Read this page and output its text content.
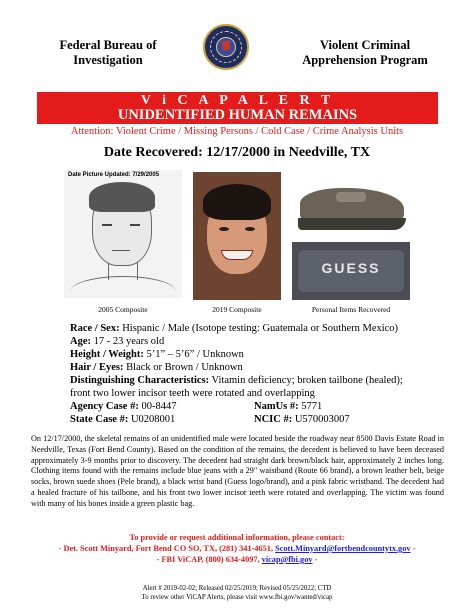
Federal Bureau of
Investigation
Violent Criminal
Apprehension Program
V i C A P A L E R T
UNIDENTIFIED HUMAN REMAINS
Attention: Violent Crime / Missing Persons / Cold Case / Crime Analysis Units
Date Recovered: 12/17/2000 in Needville, TX
Date Picture Updated: 7/29/2005
GUESS
2005 Composite	2019 Composite	Personal Items Recovered
Race / Sex: Hispanic / Male (Isotope testing: Guatemala or Southern Mexico)
Age: 17 - 23 years old
Height / Weight: 5’1” – 5’6” / Unknown
Hair / Eyes: Black or Brown / Unknown
Distinguishing Characteristics: Vitamin deficiency; broken tailbone (healed); front two lower incisor teeth were rotated and overlapping
Agency Case #: 00-8447	NamUs #: 5771
State Case #: U0208001	NCIC #: U570003007
On 12/17/2000, the skeletal remains of an unidentified male were located beside the roadway near 8500 Davis Estate Road in Needville, Texas (Fort Bend County). Based on the condition of the remains, the decedent is believed to have been deceased approximately 3-9 months prior to discovery. The decedent had straight dark brown/black hair, approximately 2 inches long. Clothing items found with the remains include blue jeans with a 29" waistband (Route 66 brand), a brown leather belt, beige socks, brown suede shoes (Pele brand), a black wrist band (Guess logo/brand), and a pink fabric wristband. The decedent had a healed fracture of his tailbone, and his front two lower incisor teeth were rotated and overlapping. The victim was found with many of his bones inside a green plastic bag.
To provide or request additional information, please contact:
- Det. Scott Minyard, Fort Bend CO SO, TX, (281) 341-4651, Scott.Minyard@fortbendcountytx.gov -
- FBI ViCAP, (800) 634-4097, vicap@fbi.gov -
Alert # 2019-02-02; Released 02/25/2019; Revised 05/25/2022; CTD
To review other ViCAP Alerts, please visit www.fbi.gov/wanted/vicap
